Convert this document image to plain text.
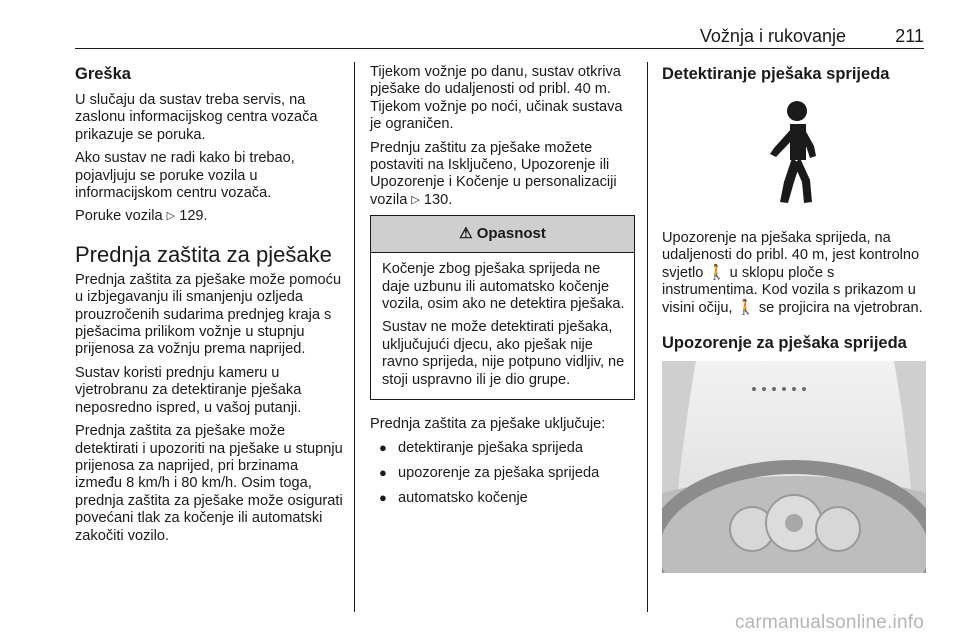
Vožnja i rukovanje	211
Greška

U slučaju da sustav treba servis, na zaslonu informacijskog centra vozača prikazuje se poruka.

Ako sustav ne radi kako bi trebao, pojavljuju se poruke vozila u informacijskom centru vozača.

Poruke vozila ▷ 129.

Prednja zaštita za pješake

Prednja zaštita za pješake može pomoću u izbjegavanju ili smanjenju ozljeda prouzročenih sudarima prednjeg kraja s pješacima prilikom vožnje u stupnju prijenosa za vožnju prema naprijed.

Sustav koristi prednju kameru u vjetrobranu za detektiranje pješaka neposredno ispred, u vašoj putanji.

Prednja zaštita za pješake može detektirati i upozoriti na pješake u stupnju prijenosa za naprijed, pri brzinama između 8 km/h i 80 km/h. Osim toga, prednja zaštita za pješake može osigurati povećani tlak za kočenje ili automatski zakočiti vozilo.

Tijekom vožnje po danu, sustav otkriva pješake do udaljenosti od pribl. 40 m. Tijekom vožnje po noći, učinak sustava je ograničen.

Prednju zaštitu za pješake možete postaviti na Isključeno, Upozorenje ili Upozorenje i Kočenje u personalizaciji vozila ▷ 130.

⚠ Opasnost

Kočenje zbog pješaka sprijeda ne daje uzbunu ili automatsko kočenje vozila, osim ako ne detektira pješaka.

Sustav ne može detektirati pješaka, uključujući djecu, ako pješak nije ravno sprijeda, nije potpuno vidljiv, ne stoji uspravno ili je dio grupe.

Prednja zaštita za pješake uključuje:

● detektiranje pješaka sprijeda
● upozorenje za pješaka sprijeda
● automatsko kočenje
Detektiranje pješaka sprijeda

Upozorenje na pješaka sprijeda, na udaljenosti do pribl. 40 m, jest kontrolno svjetlo 🚶 u sklopu ploče s instrumentima. Kod vozila s prikazom u visini očiju, 🚶 se projicira na vjetrobran.

Upozorenje za pješaka sprijeda
carmanualsonline.info
